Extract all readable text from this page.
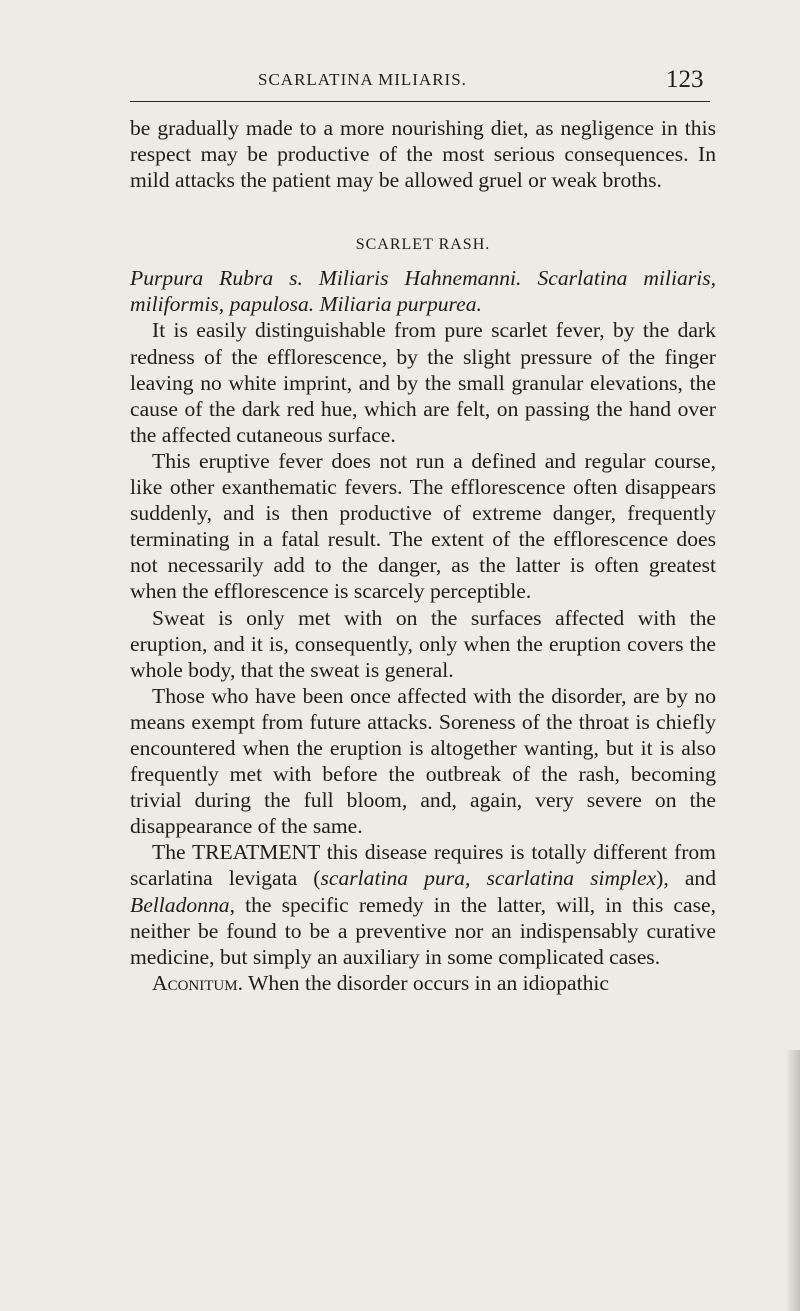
SCARLATINA MILIARIS.	123

be gradually made to a more nourishing diet, as negligence in this respect may be productive of the most serious consequences. In mild attacks the patient may be allowed gruel or weak broths.

SCARLET RASH.

Purpura Rubra s. Miliaris Hahnemanni. Scarlatina miliaris, miliformis, papulosa. Miliaria purpurea.

It is easily distinguishable from pure scarlet fever, by the dark redness of the efflorescence, by the slight pressure of the finger leaving no white imprint, and by the small granular elevations, the cause of the dark red hue, which are felt, on passing the hand over the affected cutaneous surface.

This eruptive fever does not run a defined and regular course, like other exanthematic fevers. The efflorescence often disappears suddenly, and is then productive of extreme danger, frequently terminating in a fatal result. The extent of the efflorescence does not necessarily add to the danger, as the latter is often greatest when the efflorescence is scarcely perceptible.

Sweat is only met with on the surfaces affected with the eruption, and it is, consequently, only when the eruption covers the whole body, that the sweat is general.

Those who have been once affected with the disorder, are by no means exempt from future attacks. Soreness of the throat is chiefly encountered when the eruption is altogether wanting, but it is also frequently met with before the outbreak of the rash, becoming trivial during the full bloom, and, again, very severe on the disappearance of the same.

The TREATMENT this disease requires is totally different from scarlatina levigata (scarlatina pura, scarlatina simplex), and Belladonna, the specific remedy in the latter, will, in this case, neither be found to be a preventive nor an indispensably curative medicine, but simply an auxiliary in some complicated cases.

Aconitum. When the disorder occurs in an idiopathic
